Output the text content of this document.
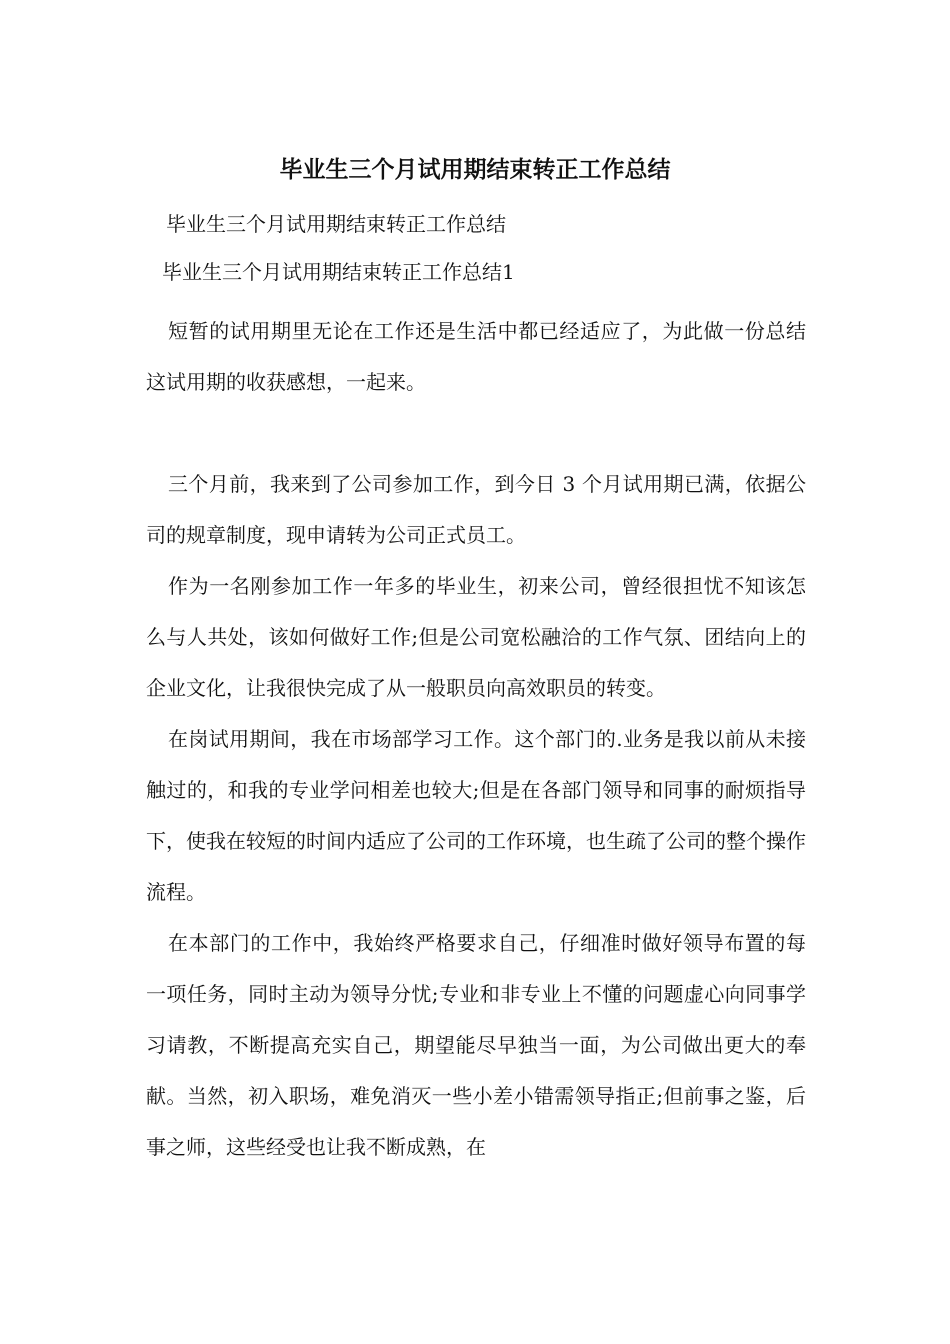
毕业生三个月试用期结束转正工作总结
毕业生三个月试用期结束转正工作总结
毕业生三个月试用期结束转正工作总结1

短暂的试用期里无论在工作还是生活中都已经适应了，为此做一份总结这试用期的收获感想，一起来。

三个月前，我来到了公司参加工作，到今日 3 个月试用期已满，依据公司的规章制度，现申请转为公司正式员工。

作为一名刚参加工作一年多的毕业生，初来公司，曾经很担忧不知该怎么与人共处，该如何做好工作;但是公司宽松融洽的工作气氛、团结向上的企业文化，让我很快完成了从一般职员向高效职员的转变。

在岗试用期间，我在市场部学习工作。这个部门的.业务是我以前从未接触过的，和我的专业学问相差也较大;但是在各部门领导和同事的耐烦指导下，使我在较短的时间内适应了公司的工作环境，也生疏了公司的整个操作流程。

在本部门的工作中，我始终严格要求自己，仔细准时做好领导布置的每一项任务，同时主动为领导分忧;专业和非专业上不懂的问题虚心向同事学习请教，不断提高充实自己，期望能尽早独当一面，为公司做出更大的奉献。当然，初入职场，难免消灭一些小差小错需领导指正;但前事之鉴，后事之师，这些经受也让我不断成熟，在
